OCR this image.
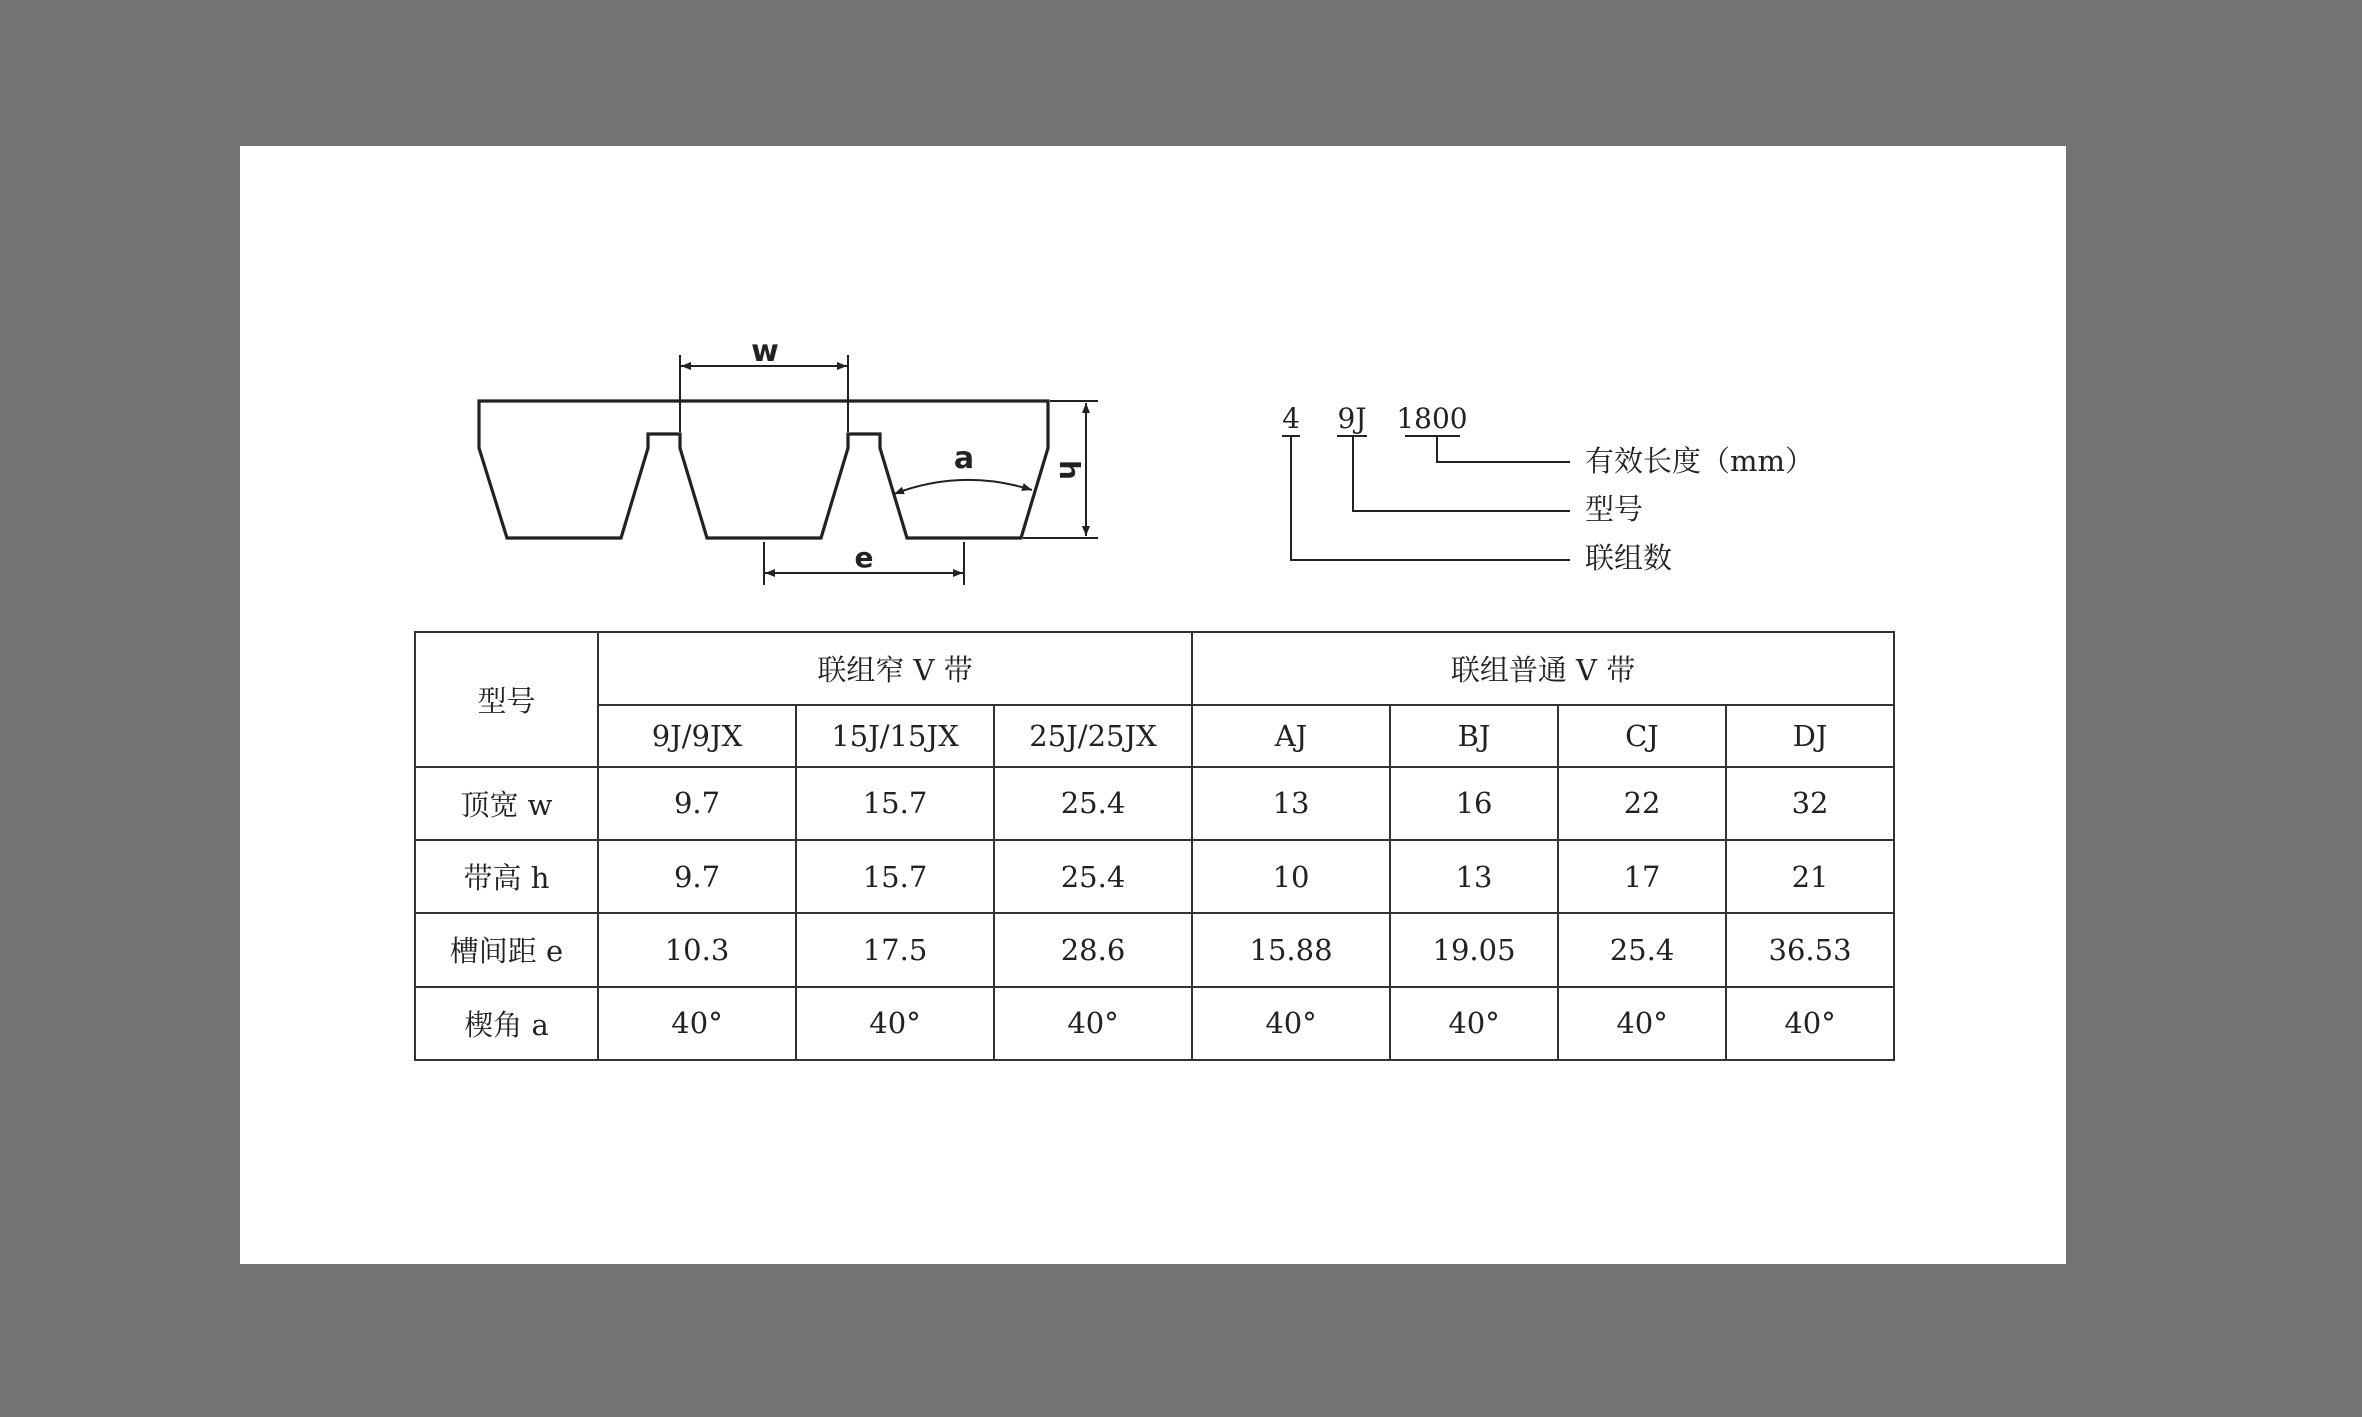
w
h
e
a
4 9J 1800
有效长度（mm）
型号
联组数
型号	联组窄 V 带			联组普通 V 带			
	9J/9JX	15J/15JX	25J/25JX	AJ	BJ	CJ	DJ
顶宽 w	9.7	15.7	25.4	13	16	22	32
带高 h	9.7	15.7	25.4	10	13	17	21
槽间距 e	10.3	17.5	28.6	15.88	19.05	25.4	36.53
楔角 a	40°	40°	40°	40°	40°	40°	40°
